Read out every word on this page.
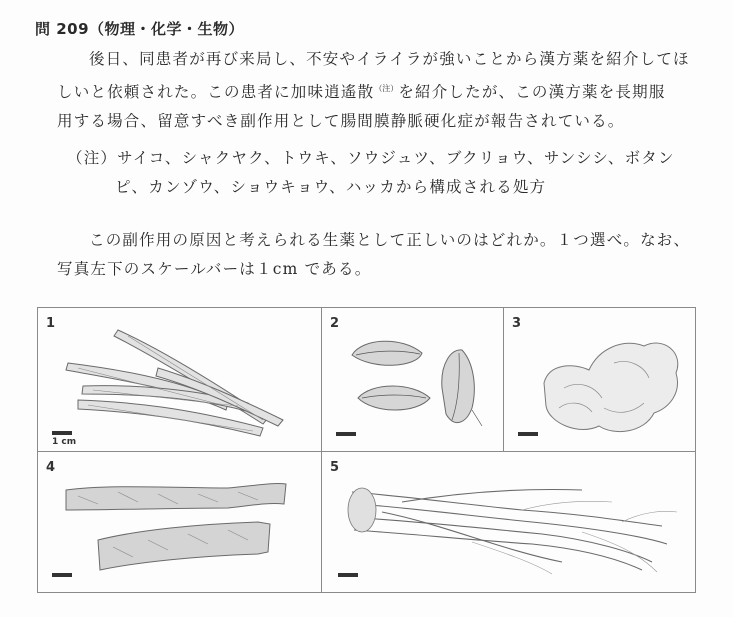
問 209（物理・化学・生物）
後日、同患者が再び来局し、不安やイライラが強いことから漢方薬を紹介してほ
しいと依頼された。この患者に加味逍遙散$^{(注)}$を紹介したが、この漢方薬を長期服
用する場合、留意すべき副作用として腸間膜静脈硬化症が報告されている。
（注）サイコ、シャクヤク、トウキ、ソウジュツ、ブクリョウ、サンシシ、ボタン
ピ、カンゾウ、ショウキョウ、ハッカから構成される処方
この副作用の原因と考えられる生薬として正しいのはどれか。１つ選べ。なお、
写真左下のスケールバーは１cm である。
1
1 cm
2	3
4	5
